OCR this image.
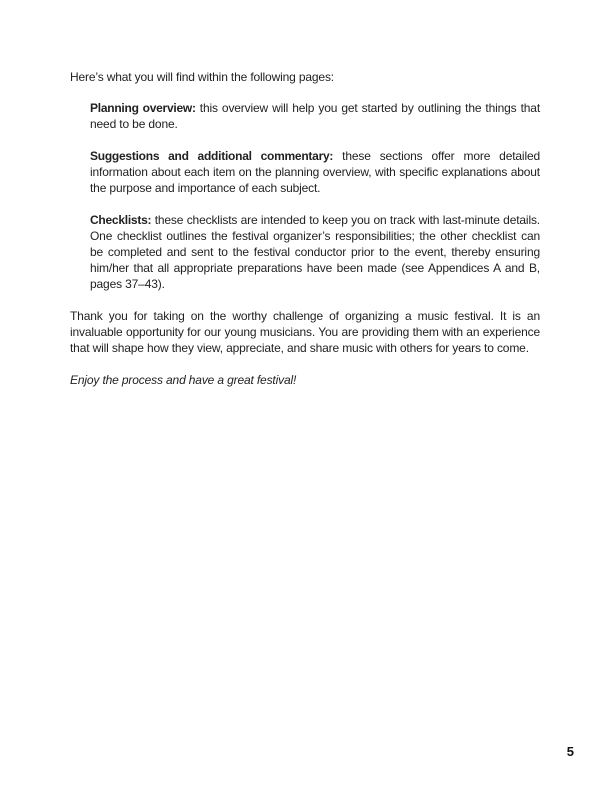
Here’s what you will find within the following pages:

Planning overview: this overview will help you get started by outlining the things that need to be done.

Suggestions and additional commentary: these sections offer more detailed information about each item on the planning overview, with specific explanations about the purpose and importance of each subject.

Checklists: these checklists are intended to keep you on track with last-minute details. One checklist outlines the festival organizer’s responsibilities; the other checklist can be completed and sent to the festival conductor prior to the event, thereby ensuring him/her that all appropriate preparations have been made (see Appendices A and B, pages 37–43).

Thank you for taking on the worthy challenge of organizing a music festival. It is an invaluable opportunity for our young musicians. You are providing them with an experience that will shape how they view, appreciate, and share music with others for years to come.

Enjoy the process and have a great festival!

5
